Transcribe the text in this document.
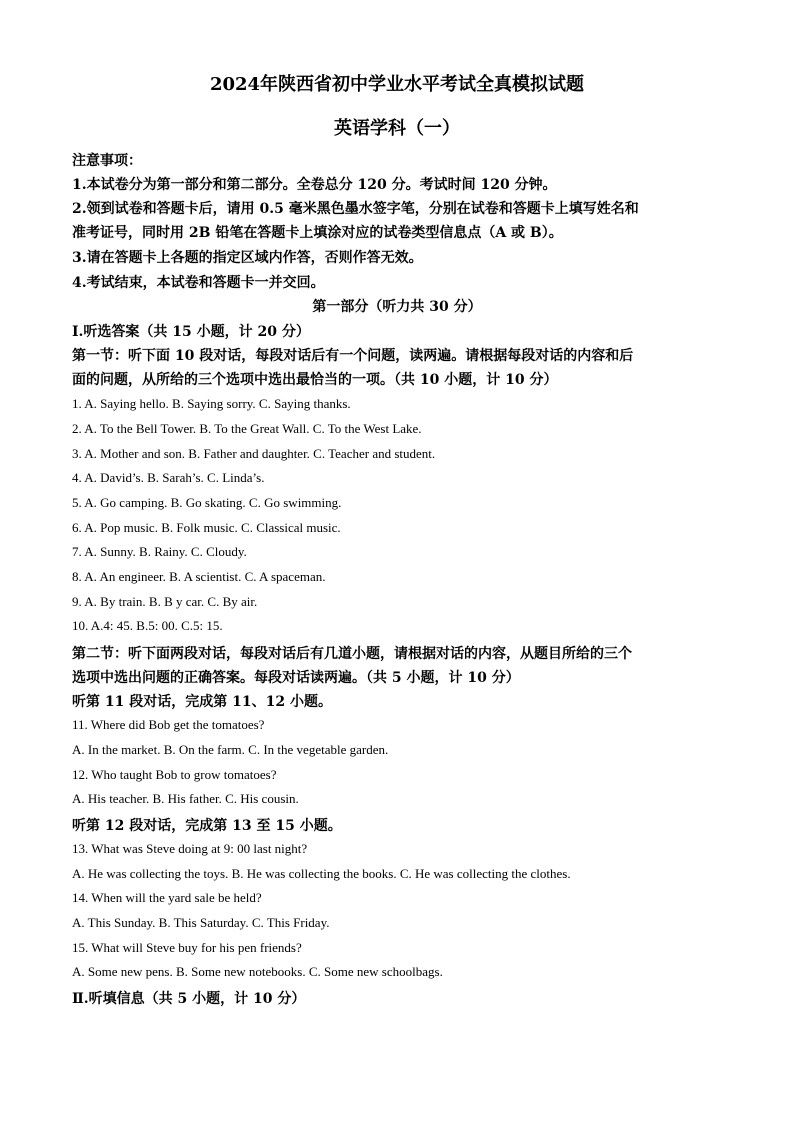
2024年陕西省初中学业水平考试全真模拟试题
英语学科（一）
注意事项：
1.本试卷分为第一部分和第二部分。全卷总分 120 分。考试时间 120 分钟。
2.领到试卷和答题卡后，请用 0.5 毫米黑色墨水签字笔，分别在试卷和答题卡上填写姓名和
准考证号，同时用 2B 铅笔在答题卡上填涂对应的试卷类型信息点（A 或 B）。
3.请在答题卡上各题的指定区域内作答，否则作答无效。
4.考试结束，本试卷和答题卡一并交回。
第一部分（听力共 30 分）
Ⅰ.听选答案（共 15 小题，计 20 分）
第一节：听下面 10 段对话，每段对话后有一个问题，读两遍。请根据每段对话的内容和后
面的问题，从所给的三个选项中选出最恰当的一项。（共 10 小题，计 10 分）
1. A. Saying hello. B. Saying sorry. C. Saying thanks.
2. A. To the Bell Tower. B. To the Great Wall. C. To the West Lake.
3. A. Mother and son. B. Father and daughter. C. Teacher and student.
4. A. David’s. B. Sarah’s. C. Linda’s.
5. A. Go camping. B. Go skating. C. Go swimming.
6. A. Pop music. B. Folk music. C. Classical music.
7. A. Sunny. B. Rainy. C. Cloudy.
8. A. An engineer. B. A scientist. C. A spaceman.
9. A. By train. B. B y car. C. By air.
10. A.4: 45. B.5: 00. C.5: 15.
第二节：听下面两段对话，每段对话后有几道小题，请根据对话的内容，从题目所给的三个
选项中选出问题的正确答案。每段对话读两遍。（共 5 小题，计 10 分）
听第 11 段对话，完成第 11、12 小题。
11. Where did Bob get the tomatoes?
A. In the market. B. On the farm. C. In the vegetable garden.
12. Who taught Bob to grow tomatoes?
A. His teacher. B. His father. C. His cousin.
听第 12 段对话，完成第 13 至 15 小题。
13. What was Steve doing at 9: 00 last night?
A. He was collecting the toys. B. He was collecting the books. C. He was collecting the clothes.
14. When will the yard sale be held?
A. This Sunday. B. This Saturday. C. This Friday.
15. What will Steve buy for his pen friends?
A. Some new pens. B. Some new notebooks. C. Some new schoolbags.
Ⅱ.听填信息（共 5 小题，计 10 分）
